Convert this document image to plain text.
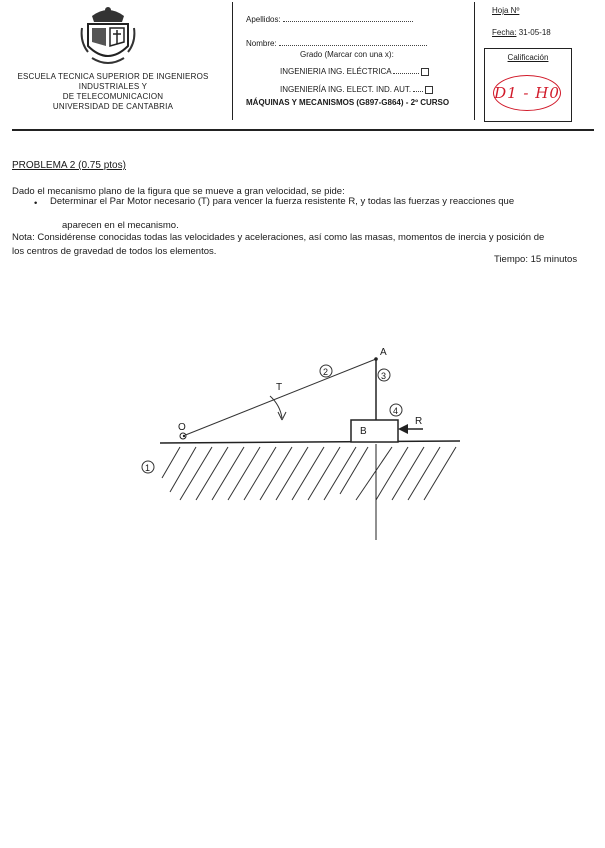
ESCUELA TECNICA SUPERIOR DE INGENIEROS
INDUSTRIALES Y
DE TELECOMUNICACION
UNIVERSIDAD DE CANTABRIA
Apellidos:
Nombre:
Grado (Marcar con una x):
INGENIERIA ING. ELÉCTRICA
INGENIERÍA ING. ELECT. IND. AUT.
MÁQUINAS Y MECANISMOS (G897-G864) - 2º CURSO
Hoja Nº
Fecha: 31-05-18
Calificación
D1 - H0
PROBLEMA 2 (0.75 ptos)
Dado el mecanismo plano de la figura que se mueve a gran velocidad, se pide:
• Determinar el Par Motor necesario (T) para vencer la fuerza resistente R, y todas las fuerzas y reacciones que
aparecen en el mecanismo.
Nota: Considérense conocidas todas las velocidades y aceleraciones, así como las masas, momentos de inercia y posición de
los centros de gravedad de todos los elementos.
Tiempo: 15 minutos
O
A
B
T
R
1
2	3
4
